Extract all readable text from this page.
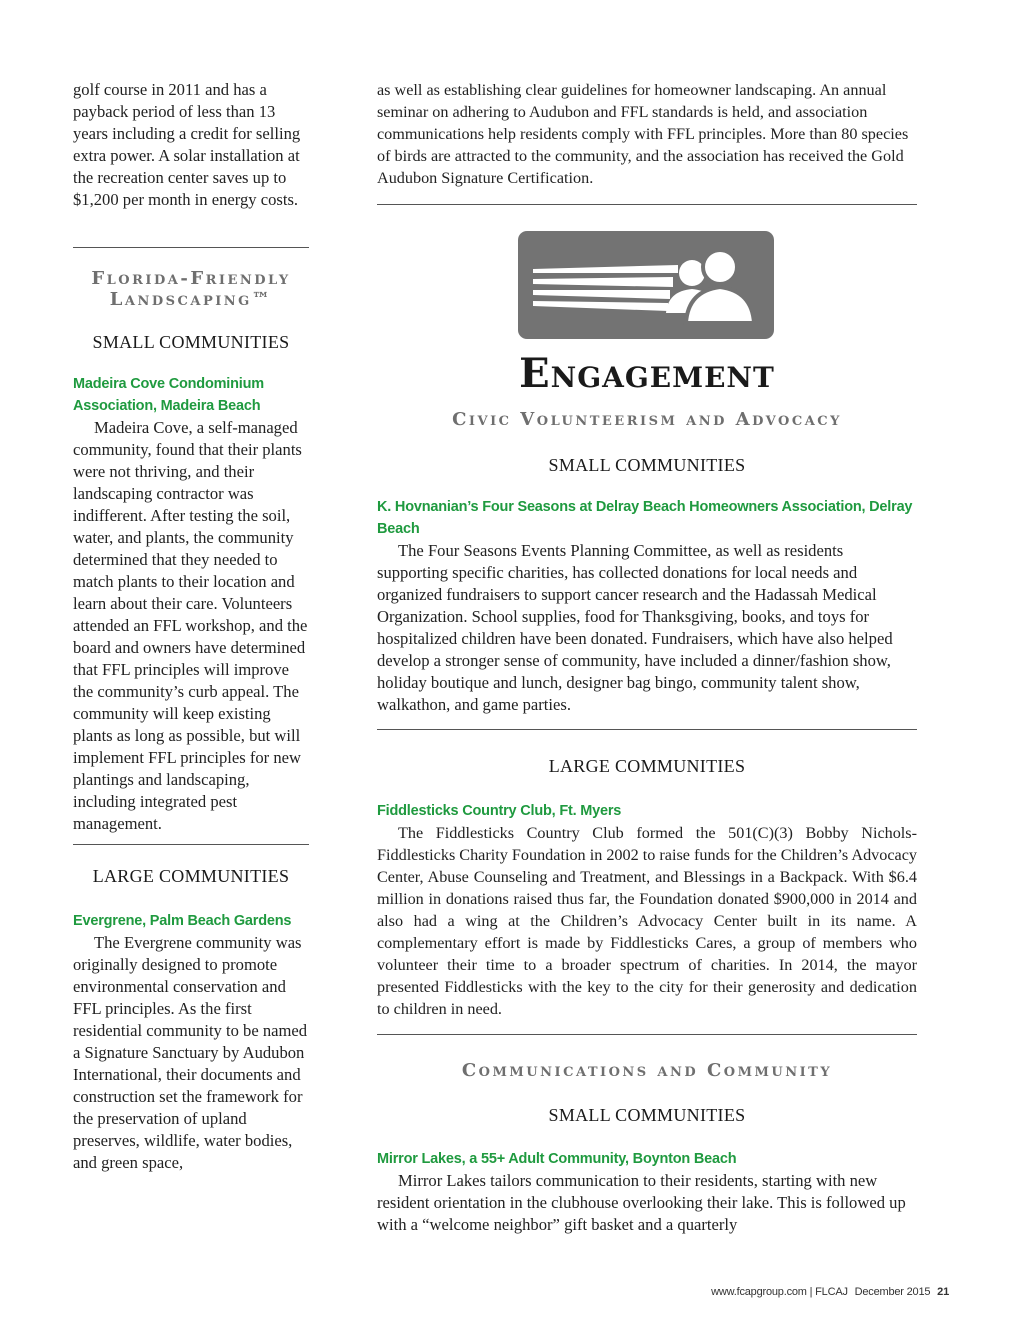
golf course in 2011 and has a payback period of less than 13 years including a credit for selling extra power. A solar installation at the recreation center saves up to $1,200 per month in energy costs.

Florida-Friendly
Landscaping™
SMALL COMMUNITIES
Madeira Cove Condominium Association, Madeira Beach

Madeira Cove, a self-managed community, found that their plants were not thriving, and their landscaping contractor was indifferent. After testing the soil, water, and plants, the community determined that they needed to match plants to their location and learn about their care. Volunteers attended an FFL workshop, and the board and owners have determined that FFL principles will improve the community’s curb appeal. The community will keep existing plants as long as possible, but will implement FFL principles for new plantings and landscaping, including integrated pest management.

LARGE COMMUNITIES
Evergrene, Palm Beach Gardens

The Evergrene community was originally designed to promote environmental conservation and FFL principles. As the first residential community to be named a Signature Sanctuary by Audubon International, their documents and construction set the framework for the preservation of upland preserves, wildlife, water bodies, and green space,

as well as establishing clear guidelines for homeowner landscaping. An annual seminar on adhering to Audubon and FFL standards is held, and association communications help residents comply with FFL principles. More than 80 species of birds are attracted to the community, and the association has received the Gold Audubon Signature Certification.

Engagement
Civic Volunteerism and Advocacy
SMALL COMMUNITIES
K. Hovnanian’s Four Seasons at Delray Beach Homeowners Association, Delray Beach

The Four Seasons Events Planning Committee, as well as residents supporting specific charities, has collected donations for local needs and organized fundraisers to support cancer research and the Hadassah Medical Organization. School supplies, food for Thanksgiving, books, and toys for hospitalized children have been donated. Fundraisers, which have also helped develop a stronger sense of community, have included a dinner/fashion show, holiday boutique and lunch, designer bag bingo, community talent show, walkathon, and game parties.

LARGE COMMUNITIES
Fiddlesticks Country Club, Ft. Myers

The Fiddlesticks Country Club formed the 501(C)(3) Bobby Nichols-Fiddlesticks Charity Foundation in 2002 to raise funds for the Children’s Advocacy Center, Abuse Counseling and Treatment, and Blessings in a Backpack. With $6.4 million in donations raised thus far, the Foundation donated $900,000 in 2014 and also had a wing at the Children’s Advocacy Center built in its name. A complementary effort is made by Fiddlesticks Cares, a group of members who volunteer their time to a broader spectrum of charities. In 2014, the mayor presented Fiddlesticks with the key to the city for their generosity and dedication to children in need.

Communications and Community
SMALL COMMUNITIES
Mirror Lakes, a 55+ Adult Community, Boynton Beach

Mirror Lakes tailors communication to their residents, starting with new resident orientation in the clubhouse overlooking their lake. This is followed up with a “welcome neighbor” gift basket and a quarterly

www.fcapgroup.com | FLCAJ December 2015 21
